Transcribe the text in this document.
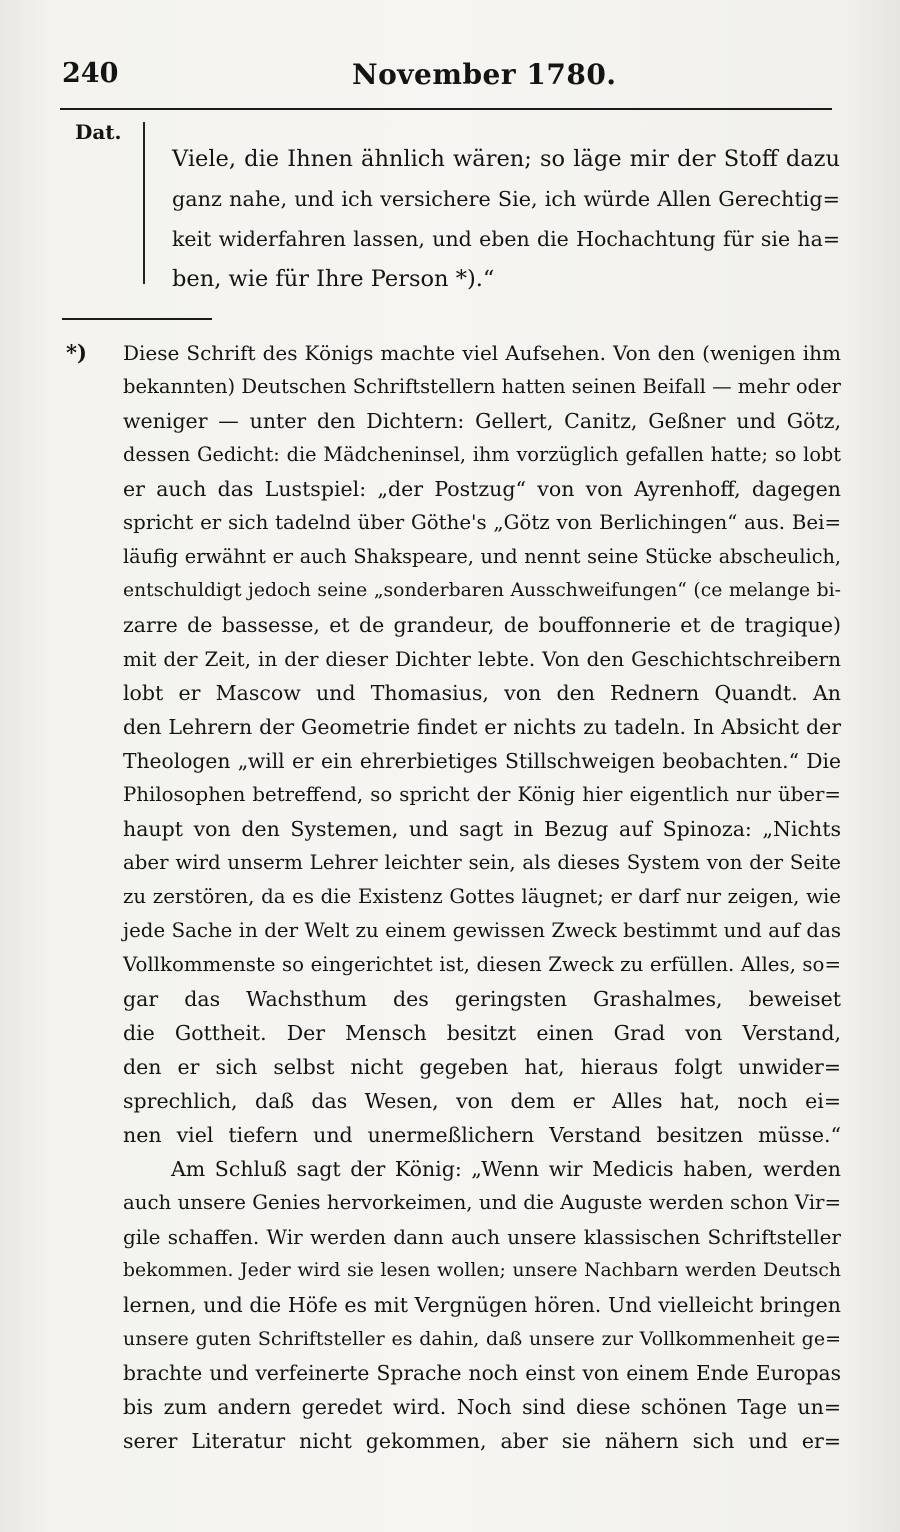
240	November 1780.
Dat.
Viele, die Ihnen ähnlich wären; so läge mir der Stoff dazu
ganz nahe, und ich versichere Sie, ich würde Allen Gerechtig=
keit widerfahren lassen, und eben die Hochachtung für sie ha=
ben, wie für Ihre Person *).“
*) Diese Schrift des Königs machte viel Aufsehen. Von den (wenigen ihm
bekannten) Deutschen Schriftstellern hatten seinen Beifall — mehr oder
weniger — unter den Dichtern: Gellert, Canitz, Geßner und Götz,
dessen Gedicht: die Mädcheninsel, ihm vorzüglich gefallen hatte; so lobt
er auch das Lustspiel: „der Postzug“ von von Ayrenhoff, dagegen
spricht er sich tadelnd über Göthe's „Götz von Berlichingen“ aus. Bei=
läufig erwähnt er auch Shakspeare, und nennt seine Stücke abscheulich,
entschuldigt jedoch seine „sonderbaren Ausschweifungen“ (ce melange bi-
zarre de bassesse, et de grandeur, de bouffonnerie et de tragique)
mit der Zeit, in der dieser Dichter lebte. Von den Geschichtschreibern
lobt er Mascow und Thomasius, von den Rednern Quandt. An
den Lehrern der Geometrie findet er nichts zu tadeln. In Absicht der
Theologen „will er ein ehrerbietiges Stillschweigen beobachten.“ Die
Philosophen betreffend, so spricht der König hier eigentlich nur über=
haupt von den Systemen, und sagt in Bezug auf Spinoza: „Nichts
aber wird unserm Lehrer leichter sein, als dieses System von der Seite
zu zerstören, da es die Existenz Gottes läugnet; er darf nur zeigen, wie
jede Sache in der Welt zu einem gewissen Zweck bestimmt und auf das
Vollkommenste so eingerichtet ist, diesen Zweck zu erfüllen. Alles, so=
gar das Wachsthum des geringsten Grashalmes, beweiset
die Gottheit. Der Mensch besitzt einen Grad von Verstand,
den er sich selbst nicht gegeben hat, hieraus folgt unwider=
sprechlich, daß das Wesen, von dem er Alles hat, noch ei=
nen viel tiefern und unermeßlichern Verstand besitzen müsse.“
Am Schluß sagt der König: „Wenn wir Medicis haben, werden
auch unsere Genies hervorkeimen, und die Auguste werden schon Vir=
gile schaffen. Wir werden dann auch unsere klassischen Schriftsteller
bekommen. Jeder wird sie lesen wollen; unsere Nachbarn werden Deutsch
lernen, und die Höfe es mit Vergnügen hören. Und vielleicht bringen
unsere guten Schriftsteller es dahin, daß unsere zur Vollkommenheit ge=
brachte und verfeinerte Sprache noch einst von einem Ende Europas
bis zum andern geredet wird. Noch sind diese schönen Tage un=
serer Literatur nicht gekommen, aber sie nähern sich und er=
